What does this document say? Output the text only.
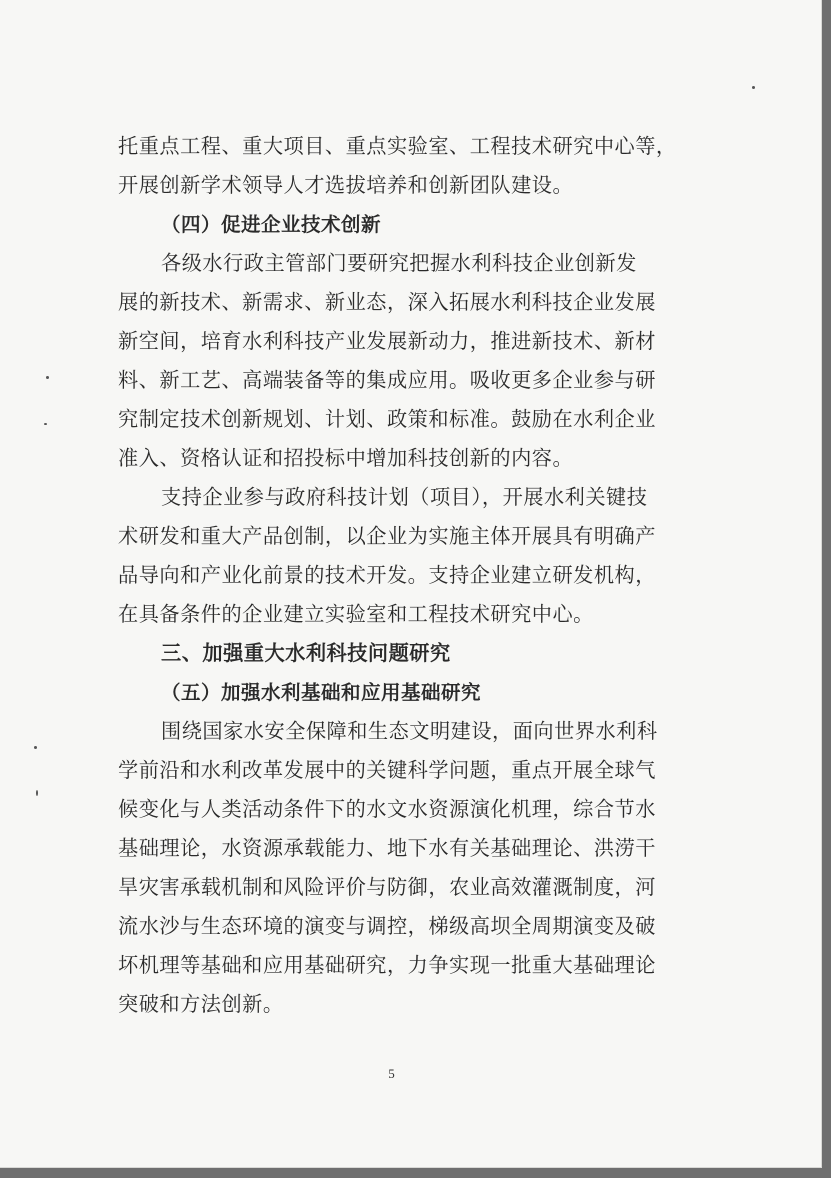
托重点工程、重大项目、重点实验室、工程技术研究中心等，
开展创新学术领导人才选拔培养和创新团队建设。
（四）促进企业技术创新
各级水行政主管部门要研究把握水利科技企业创新发
展的新技术、新需求、新业态，深入拓展水利科技企业发展
新空间，培育水利科技产业发展新动力，推进新技术、新材
料、新工艺、高端装备等的集成应用。吸收更多企业参与研
究制定技术创新规划、计划、政策和标准。鼓励在水利企业
准入、资格认证和招投标中增加科技创新的内容。
支持企业参与政府科技计划（项目），开展水利关键技
术研发和重大产品创制，以企业为实施主体开展具有明确产
品导向和产业化前景的技术开发。支持企业建立研发机构，
在具备条件的企业建立实验室和工程技术研究中心。
三、加强重大水利科技问题研究
（五）加强水利基础和应用基础研究
围绕国家水安全保障和生态文明建设，面向世界水利科
学前沿和水利改革发展中的关键科学问题，重点开展全球气
候变化与人类活动条件下的水文水资源演化机理，综合节水
基础理论，水资源承载能力、地下水有关基础理论、洪涝干
旱灾害承载机制和风险评价与防御，农业高效灌溉制度，河
流水沙与生态环境的演变与调控，梯级高坝全周期演变及破
坏机理等基础和应用基础研究，力争实现一批重大基础理论
突破和方法创新。
5
